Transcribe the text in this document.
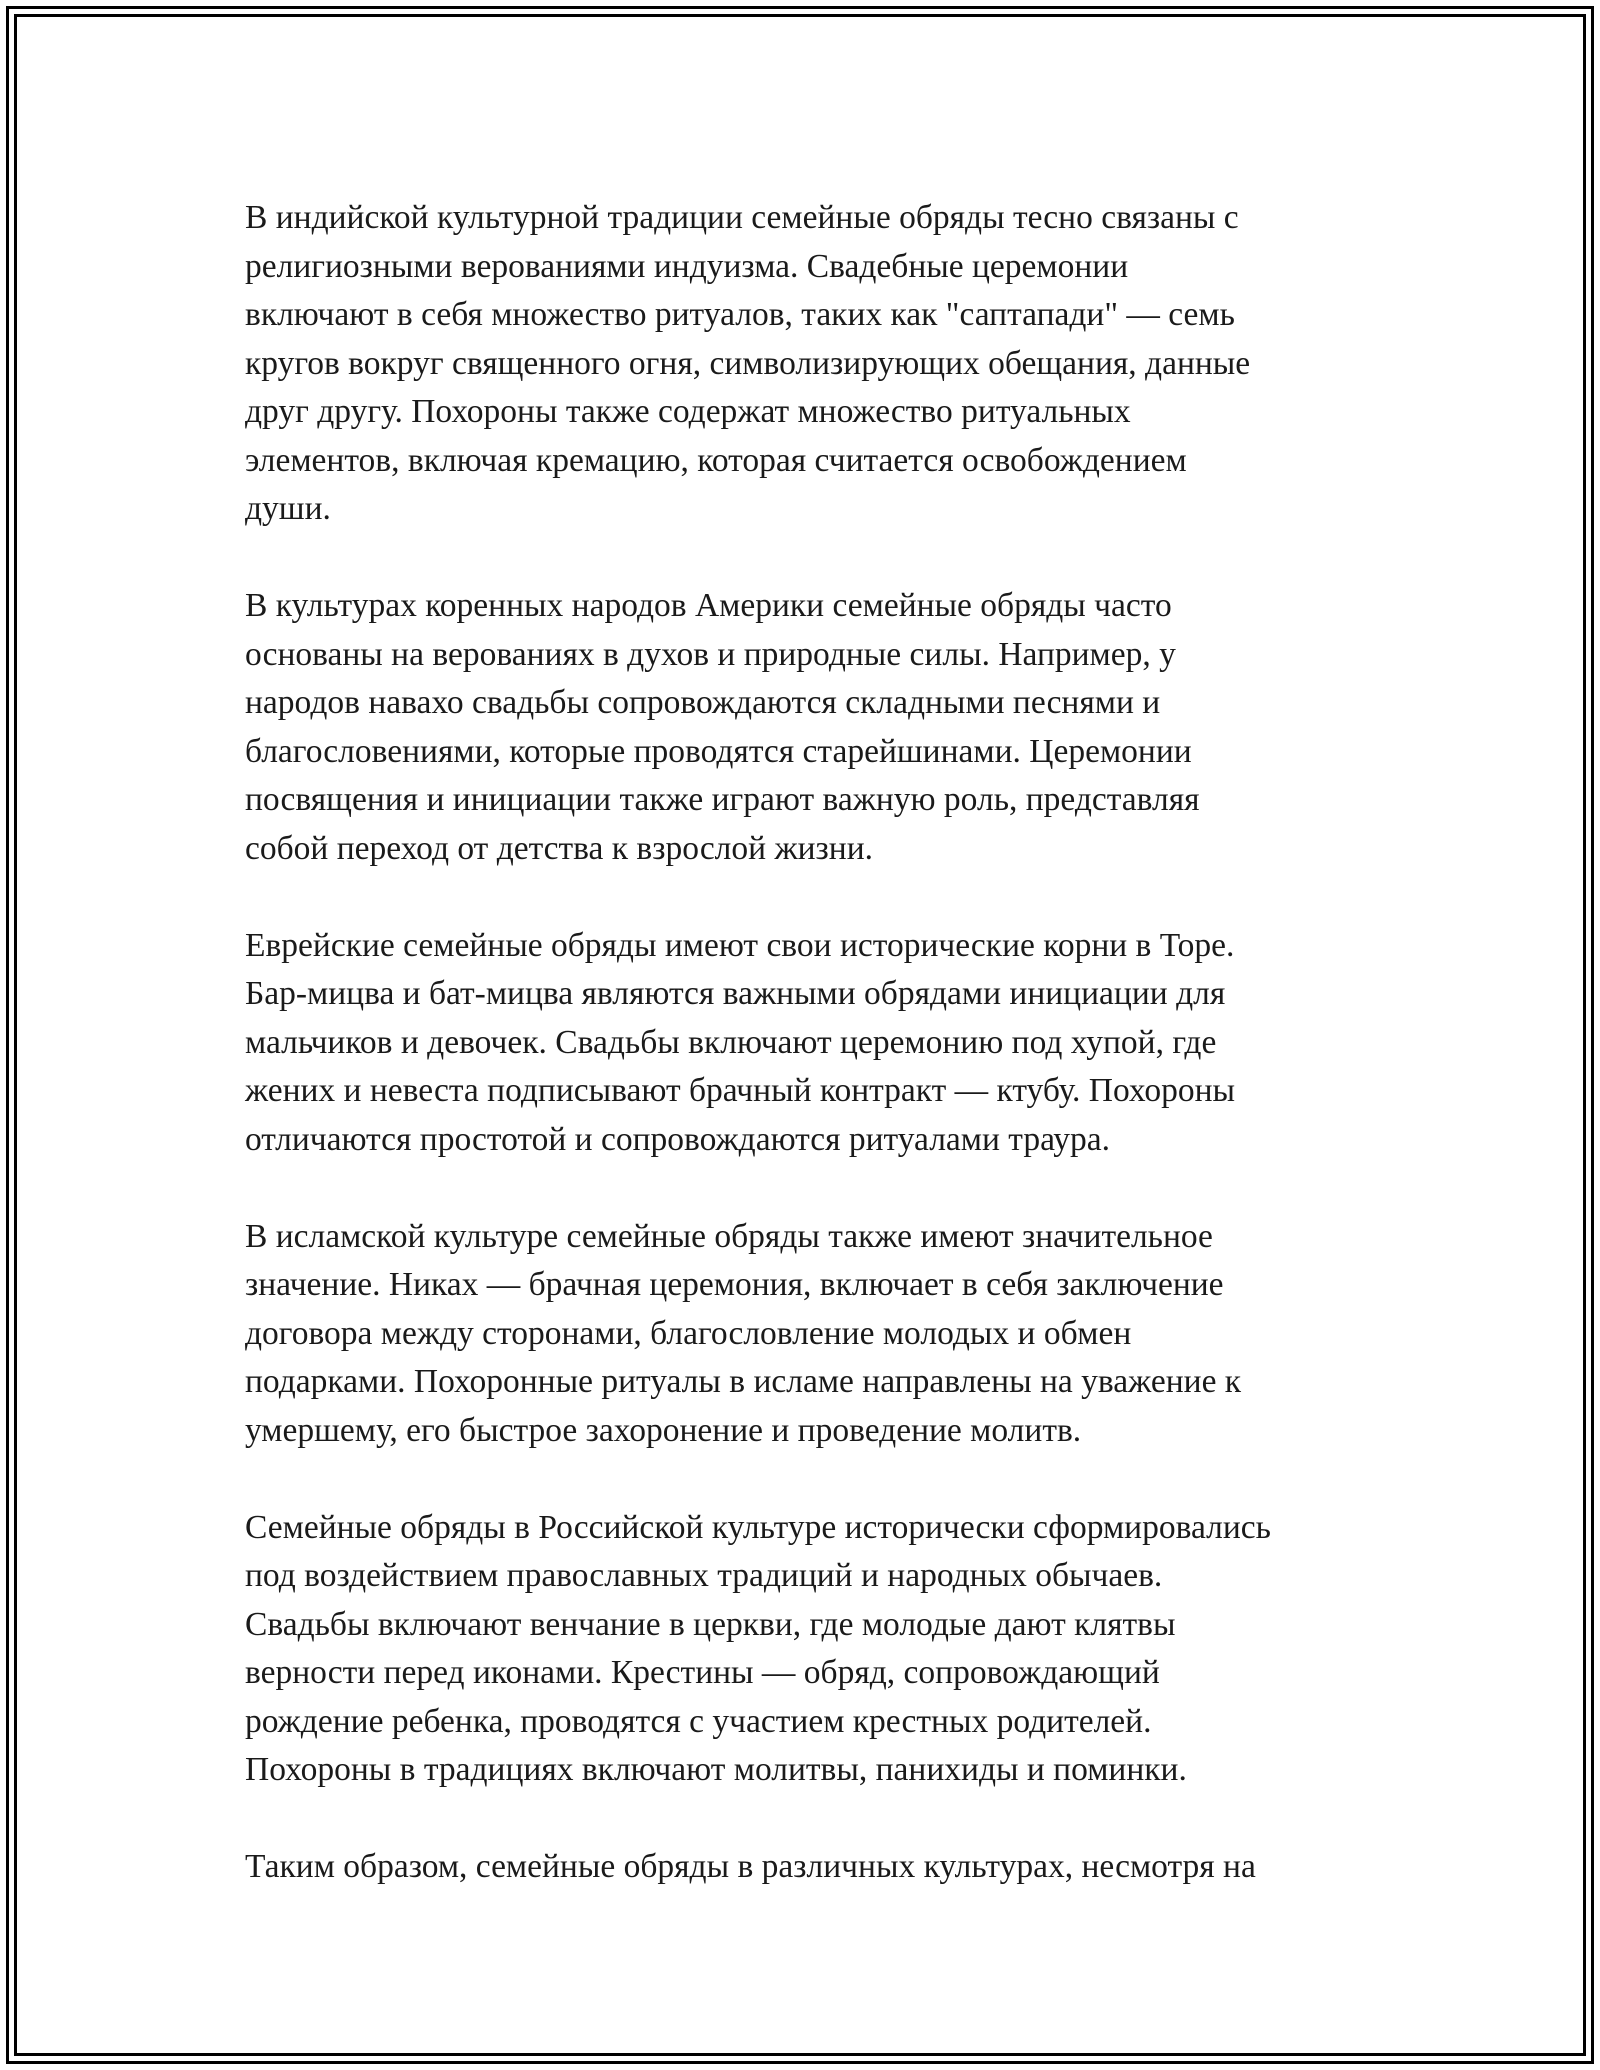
В индийской культурной традиции семейные обряды тесно связаны с
религиозными верованиями индуизма. Свадебные церемонии
включают в себя множество ритуалов, таких как "саптапади" — семь
кругов вокруг священного огня, символизирующих обещания, данные
друг другу. Похороны также содержат множество ритуальных
элементов, включая кремацию, которая считается освобождением
души.

В культурах коренных народов Америки семейные обряды часто
основаны на верованиях в духов и природные силы. Например, у
народов навахо свадьбы сопровождаются складными песнями и
благословениями, которые проводятся старейшинами. Церемонии
посвящения и инициации также играют важную роль, представляя
собой переход от детства к взрослой жизни.

Еврейские семейные обряды имеют свои исторические корни в Торе.
Бар-мицва и бат-мицва являются важными обрядами инициации для
мальчиков и девочек. Свадьбы включают церемонию под хупой, где
жених и невеста подписывают брачный контракт — ктубу. Похороны
отличаются простотой и сопровождаются ритуалами траура.

В исламской культуре семейные обряды также имеют значительное
значение. Никах — брачная церемония, включает в себя заключение
договора между сторонами, благословление молодых и обмен
подарками. Похоронные ритуалы в исламе направлены на уважение к
умершему, его быстрое захоронение и проведение молитв.

Семейные обряды в Российской культуре исторически сформировались
под воздействием православных традиций и народных обычаев.
Свадьбы включают венчание в церкви, где молодые дают клятвы
верности перед иконами. Крестины — обряд, сопровождающий
рождение ребенка, проводятся с участием крестных родителей.
Похороны в традициях включают молитвы, панихиды и поминки.

Таким образом, семейные обряды в различных культурах, несмотря на
